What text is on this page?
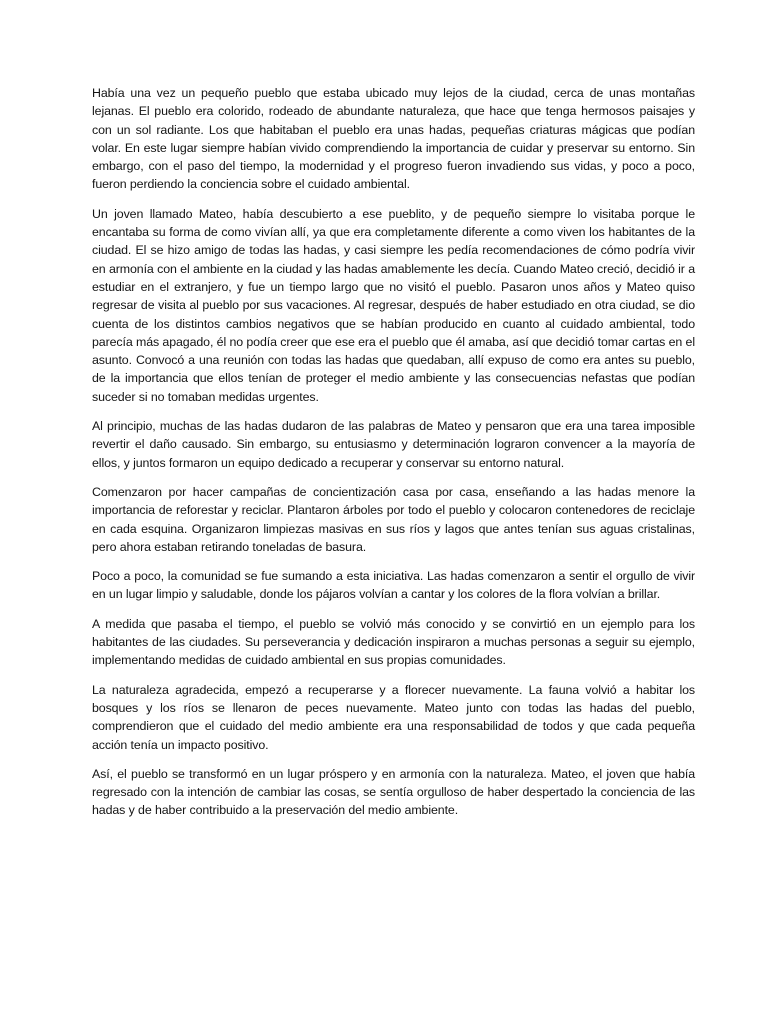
Había una vez un pequeño pueblo que estaba ubicado muy lejos de la ciudad, cerca de unas montañas lejanas. El pueblo era colorido, rodeado de abundante naturaleza, que hace que tenga hermosos paisajes y con un sol radiante. Los que habitaban el pueblo era unas hadas, pequeñas criaturas mágicas que podían volar. En este lugar siempre habían vivido comprendiendo la importancia de cuidar y preservar su entorno. Sin embargo, con el paso del tiempo, la modernidad y el progreso fueron invadiendo sus vidas, y poco a poco, fueron perdiendo la conciencia sobre el cuidado ambiental.

Un joven llamado Mateo, había descubierto a ese pueblito, y de pequeño siempre lo visitaba porque le encantaba su forma de como vivían allí, ya que era completamente diferente a como viven los habitantes de la ciudad. El se hizo amigo de todas las hadas, y casi siempre les pedía recomendaciones de cómo podría vivir en armonía con el ambiente en la ciudad y las hadas amablemente les decía. Cuando Mateo creció, decidió ir a estudiar en el extranjero, y fue un tiempo largo que no visitó el pueblo. Pasaron unos años y Mateo quiso regresar de visita al pueblo por sus vacaciones. Al regresar, después de haber estudiado en otra ciudad, se dio cuenta de los distintos cambios negativos que se habían producido en cuanto al cuidado ambiental, todo parecía más apagado, él no podía creer que ese era el pueblo que él amaba, así que decidió tomar cartas en el asunto. Convocó a una reunión con todas las hadas que quedaban, allí expuso de como era antes su pueblo, de la importancia que ellos tenían de proteger el medio ambiente y las consecuencias nefastas que podían suceder si no tomaban medidas urgentes.

Al principio, muchas de las hadas dudaron de las palabras de Mateo y pensaron que era una tarea imposible revertir el daño causado. Sin embargo, su entusiasmo y determinación lograron convencer a la mayoría de ellos, y juntos formaron un equipo dedicado a recuperar y conservar su entorno natural.

Comenzaron por hacer campañas de concientización casa por casa, enseñando a las hadas menore la importancia de reforestar y reciclar. Plantaron árboles por todo el pueblo y colocaron contenedores de reciclaje en cada esquina. Organizaron limpiezas masivas en sus ríos y lagos que antes tenían sus aguas cristalinas, pero ahora estaban retirando toneladas de basura.

Poco a poco, la comunidad se fue sumando a esta iniciativa. Las hadas comenzaron a sentir el orgullo de vivir en un lugar limpio y saludable, donde los pájaros volvían a cantar y los colores de la flora volvían a brillar.

A medida que pasaba el tiempo, el pueblo se volvió más conocido y se convirtió en un ejemplo para los habitantes de las ciudades. Su perseverancia y dedicación inspiraron a muchas personas a seguir su ejemplo, implementando medidas de cuidado ambiental en sus propias comunidades.

La naturaleza agradecida, empezó a recuperarse y a florecer nuevamente. La fauna volvió a habitar los bosques y los ríos se llenaron de peces nuevamente. Mateo junto con todas las hadas del pueblo, comprendieron que el cuidado del medio ambiente era una responsabilidad de todos y que cada pequeña acción tenía un impacto positivo.

Así, el pueblo se transformó en un lugar próspero y en armonía con la naturaleza. Mateo, el joven que había regresado con la intención de cambiar las cosas, se sentía orgulloso de haber despertado la conciencia de las hadas y de haber contribuido a la preservación del medio ambiente.
